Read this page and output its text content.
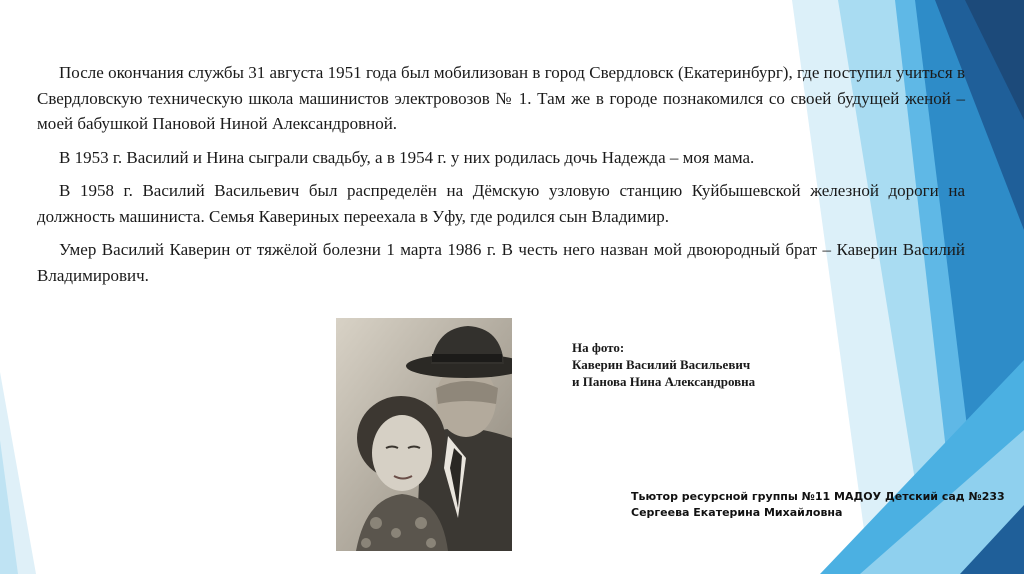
После окончания службы 31 августа 1951 года был мобилизован в город Свердловск (Екатеринбург), где поступил учиться в Свердловскую техническую школа машинистов электровозов № 1. Там же в городе познакомился со своей будущей женой – моей бабушкой Пановой Ниной Александровной.

В 1953 г. Василий и Нина сыграли свадьбу, а в 1954 г. у них родилась дочь Надежда – моя мама.

В 1958 г. Василий Васильевич был распределён на Дёмскую узловую станцию Куйбышевской железной дороги на должность машиниста. Семья Кавериных переехала в Уфу, где родился сын Владимир.

Умер Василий Каверин от тяжёлой болезни 1 марта 1986 г. В честь него назван мой двоюродный брат – Каверин Василий Владимирович.

На фото:
Каверин Василий Васильевич
и Панова Нина Александровна
Тьютор ресурсной группы №11 МАДОУ Детский сад №233
Сергеева Екатерина Михайловна
